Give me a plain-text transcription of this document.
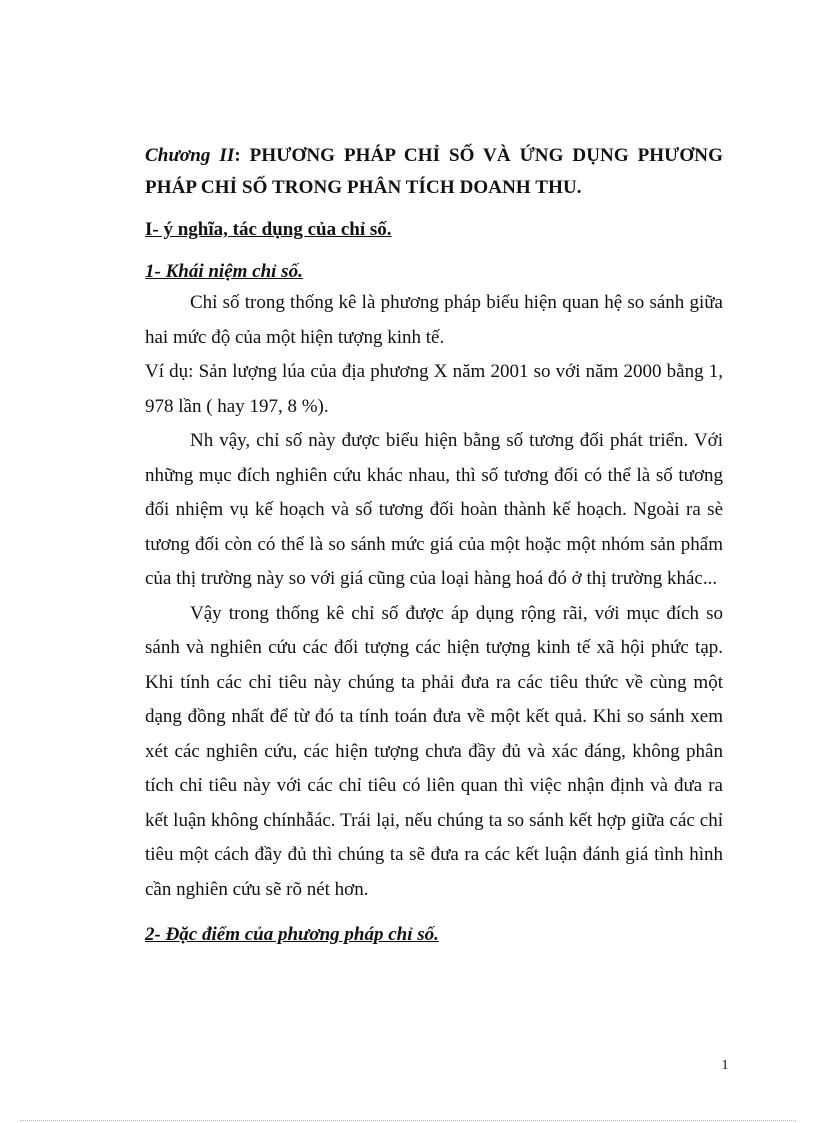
Chương II: PHƯƠNG PHÁP CHỈ SỐ VÀ ỨNG DỤNG PHƯƠNG PHÁP CHỈ SỐ TRONG PHÂN TÍCH DOANH THU.
I- ý nghĩa, tác dụng của chỉ số.
1- Khái niệm chỉ số.

Chỉ số trong thống kê là phương pháp biểu hiện quan hệ so sánh giữa hai mức độ của một hiện tượng kinh tế.

Ví dụ: Sản lượng lúa của địa phương X năm 2001 so với năm 2000 bằng 1, 978 lần ( hay 197, 8 %).

Nh vậy, chỉ số này được biểu hiện bằng số tương đối phát triển. Với những mục đích nghiên cứu khác nhau, thì số tương đối có thể là số tương đối nhiệm vụ kế hoạch và số tương đối hoàn thành kế hoạch. Ngoài ra sè tương đối còn có thể là so sánh mức giá của một hoặc một nhóm sản phẩm của thị trường này so với giá cũng của loại hàng hoá đó ở thị trường khác...

Vậy trong thống kê chỉ số được áp dụng rộng rãi, với mục đích so sánh và nghiên cứu các đối tượng các hiện tượng kinh tế xã hội phức tạp. Khi tính các chỉ tiêu này chúng ta phải đưa ra các tiêu thức về cùng một dạng đồng nhất để từ đó ta tính toán đưa về một kết quả. Khi so sánh xem xét các nghiên cứu, các hiện tượng chưa đầy đủ và xác đáng, không phân tích chỉ tiêu này với các chỉ tiêu có liên quan thì việc nhận định và đưa ra kết luận không chínhẫác. Trái lại, nếu chúng ta so sánh kết hợp giữa các chỉ tiêu một cách đầy đủ thì chúng ta sẽ đưa ra các kết luận đánh giá tình hình cần nghiên cứu sẽ rõ nét hơn.

2- Đặc điểm của phương pháp chỉ số.
1
